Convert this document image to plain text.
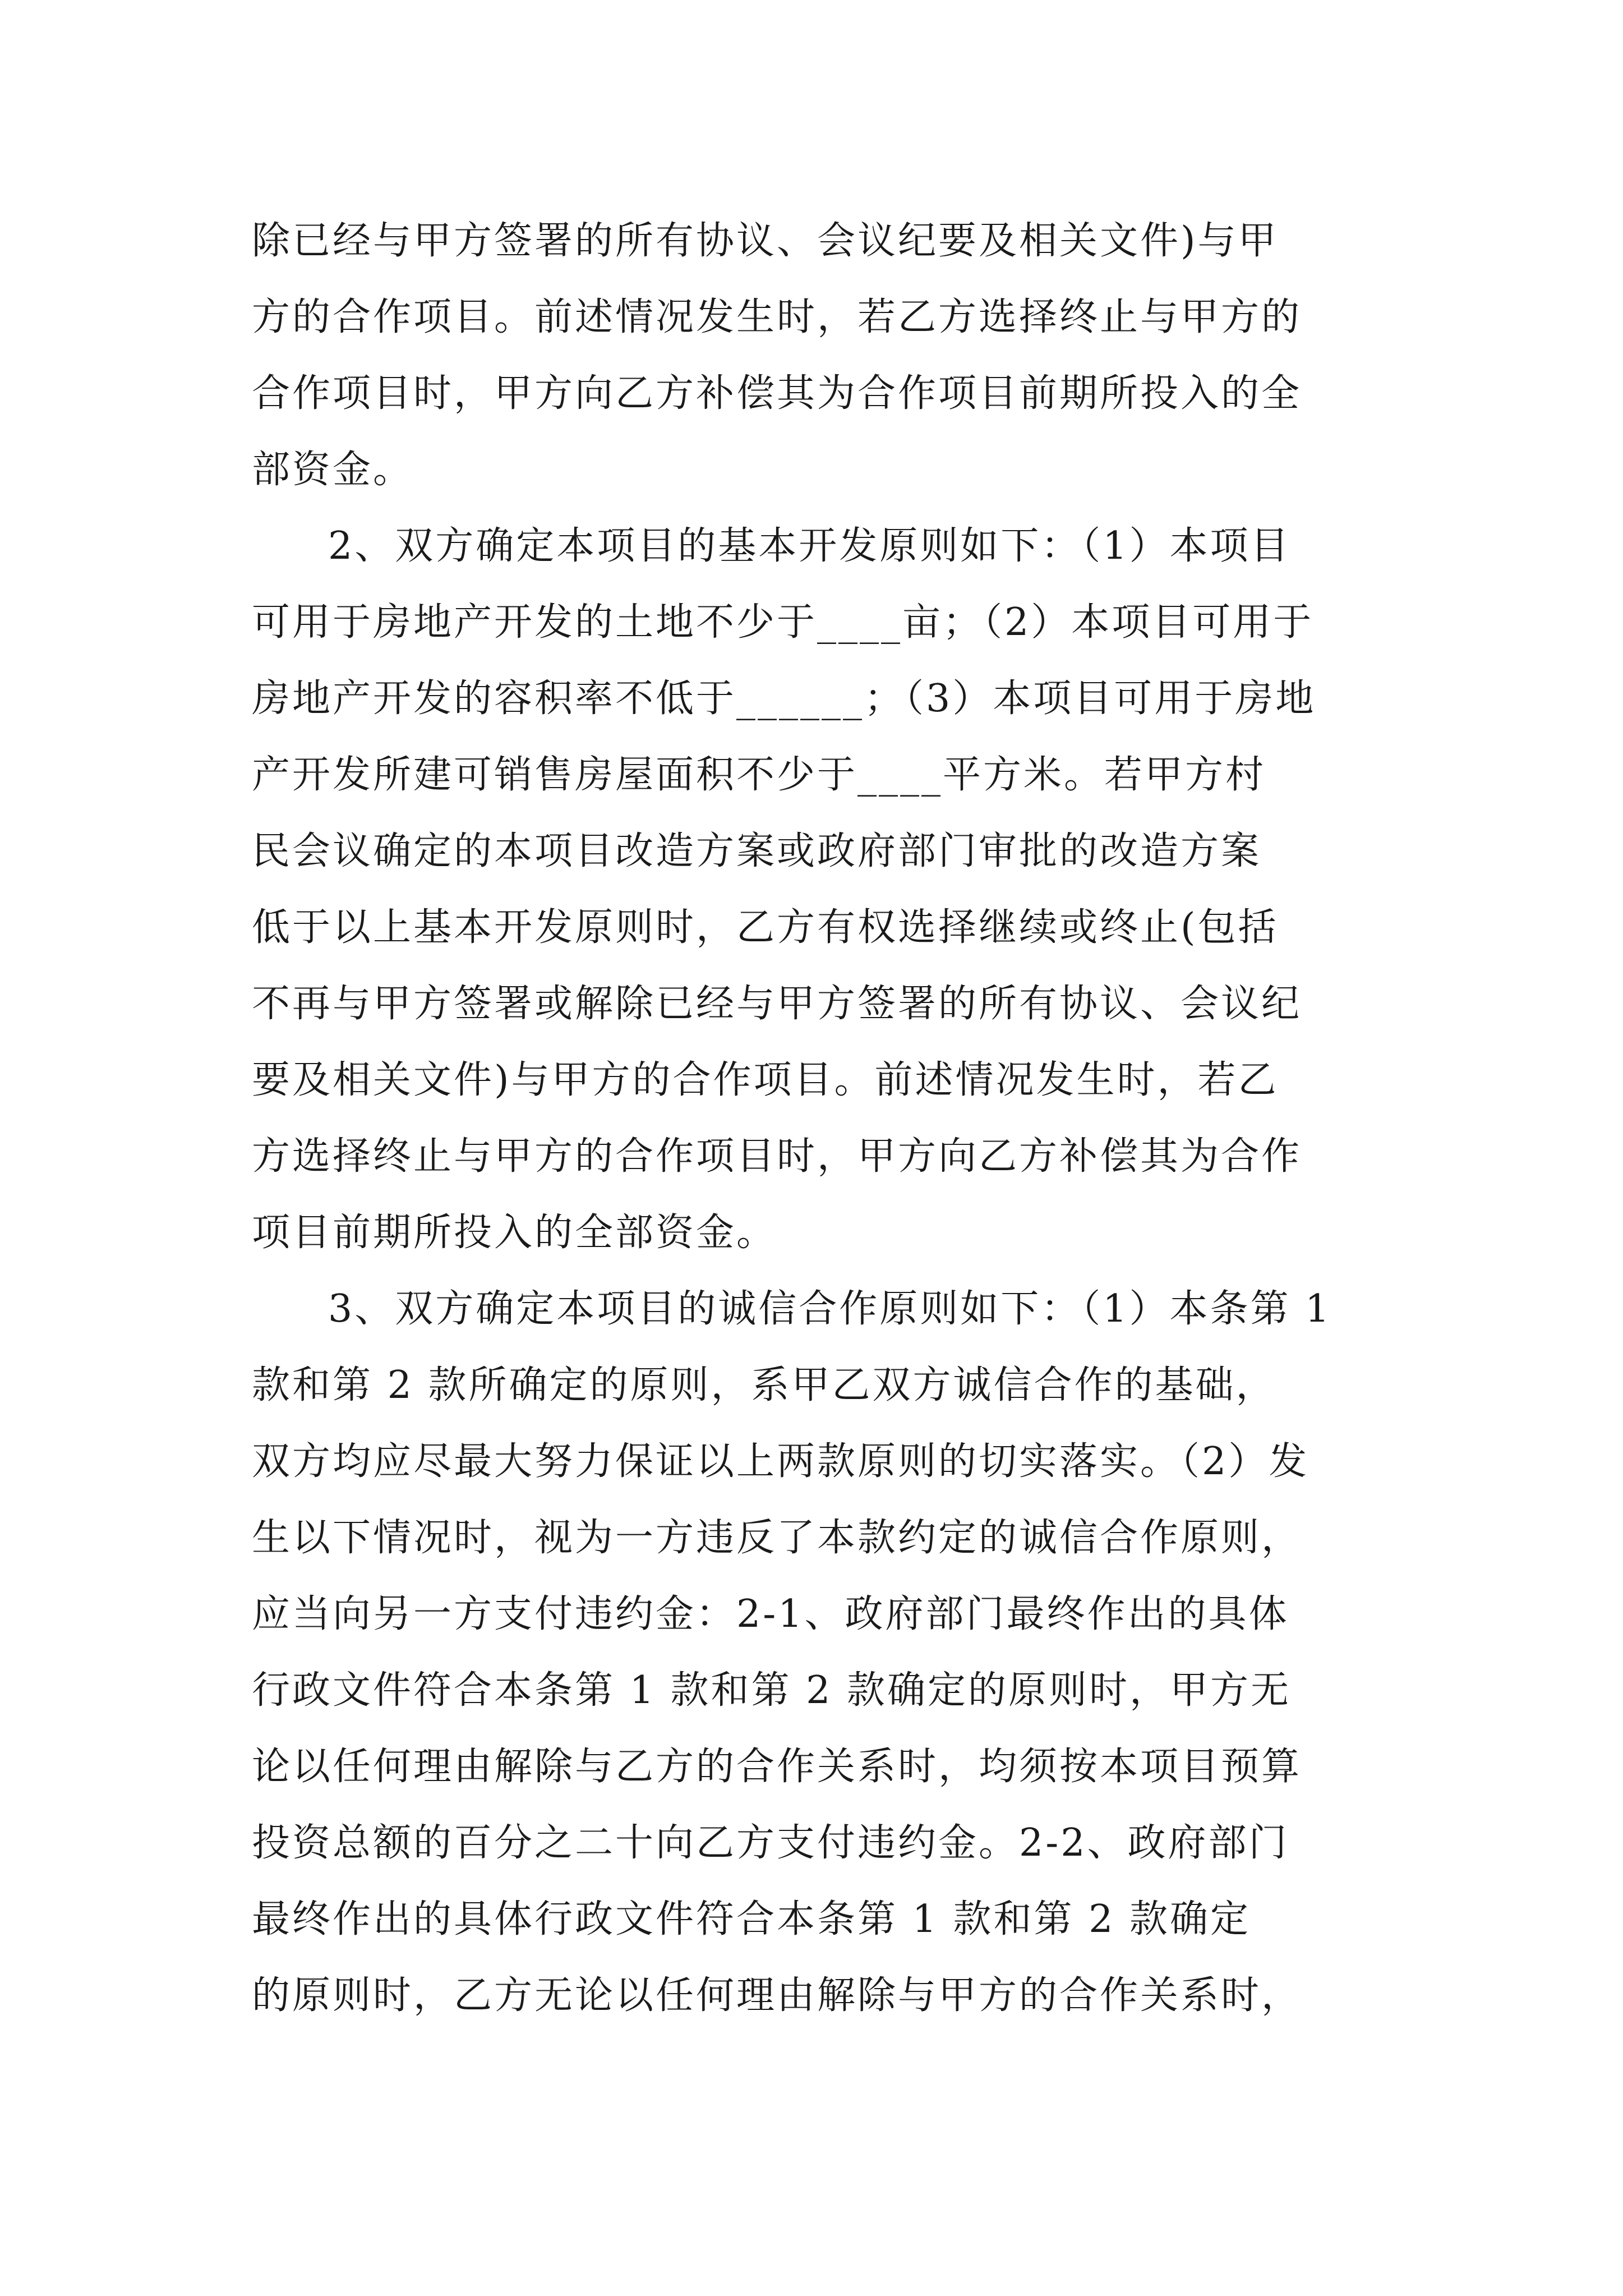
除已经与甲方签署的所有协议、会议纪要及相关文件)与甲
方的合作项目。前述情况发生时，若乙方选择终止与甲方的
合作项目时，甲方向乙方补偿其为合作项目前期所投入的全
部资金。
2、双方确定本项目的基本开发原则如下：（1）本项目
可用于房地产开发的土地不少于____亩；（2）本项目可用于
房地产开发的容积率不低于______；（3）本项目可用于房地
产开发所建可销售房屋面积不少于____平方米。若甲方村
民会议确定的本项目改造方案或政府部门审批的改造方案
低于以上基本开发原则时，乙方有权选择继续或终止(包括
不再与甲方签署或解除已经与甲方签署的所有协议、会议纪
要及相关文件)与甲方的合作项目。前述情况发生时，若乙
方选择终止与甲方的合作项目时，甲方向乙方补偿其为合作
项目前期所投入的全部资金。
3、双方确定本项目的诚信合作原则如下：（1）本条第 1
款和第 2 款所确定的原则，系甲乙双方诚信合作的基础，
双方均应尽最大努力保证以上两款原则的切实落实。（2）发
生以下情况时，视为一方违反了本款约定的诚信合作原则，
应当向另一方支付违约金：2-1、政府部门最终作出的具体
行政文件符合本条第 1 款和第 2 款确定的原则时，甲方无
论以任何理由解除与乙方的合作关系时，均须按本项目预算
投资总额的百分之二十向乙方支付违约金。2-2、政府部门
最终作出的具体行政文件符合本条第 1 款和第 2 款确定
的原则时，乙方无论以任何理由解除与甲方的合作关系时，
